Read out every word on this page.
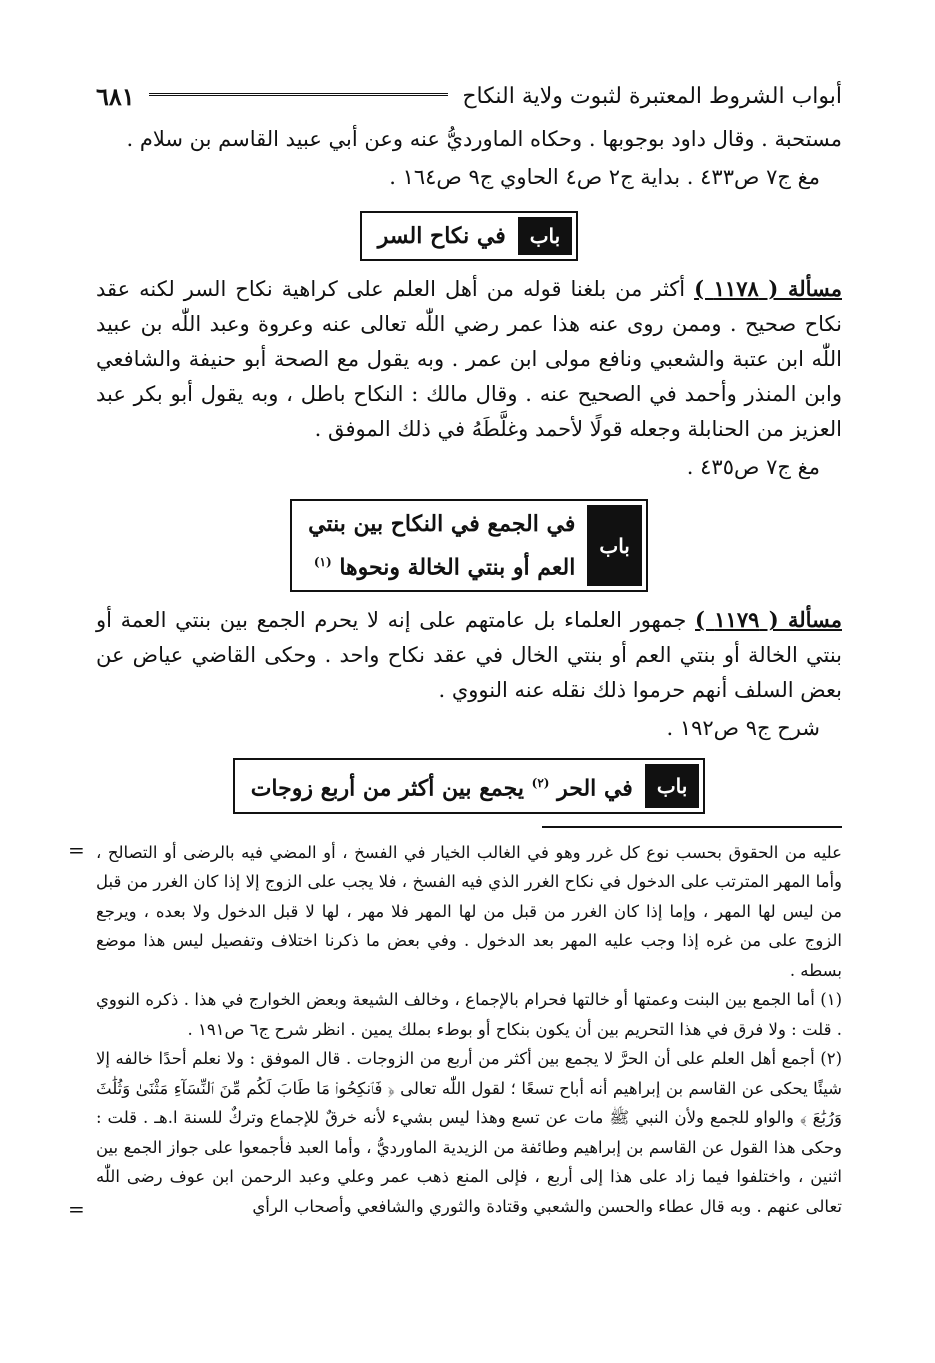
أبواب الشروط المعتبرة لثبوت ولاية النكاح
٦٨١

مستحبة . وقال داود بوجوبها . وحكاه الماورديُّ عنه وعن أبي عبيد القاسم بن سلام .

مغ ج٧ ص٤٣٣ . بداية ج٢ ص٤ الحاوي ج٩ ص١٦٤ .

باب
في نكاح السر

مسألة ( ١١٧٨ ) أكثر من بلغنا قوله من أهل العلم على كراهية نكاح السر لكنه عقد نكاح صحيح . وممن روى عنه هذا عمر رضي اللّٰه تعالى عنه وعروة وعبد اللّٰه بن عبيد اللّٰه ابن عتبة والشعبي ونافع مولى ابن عمر . وبه يقول مع الصحة أبو حنيفة والشافعي وابن المنذر وأحمد في الصحيح عنه . وقال مالك : النكاح باطل ، وبه يقول أبو بكر عبد العزيز من الحنابلة وجعله قولًا لأحمد وغلَّطَهُ في ذلك الموفق .

مغ ج٧ ص٤٣٥ .

باب
في الجمع في النكاح بين بنتي
العم أو بنتي الخالة ونحوها $^{(١)}$

مسألة ( ١١٧٩ ) جمهور العلماء بل عامتهم على إنه لا يحرم الجمع بين بنتي العمة أو بنتي الخالة أو بنتي العم أو بنتي الخال في عقد نكاح واحد . وحكى القاضي عياض عن بعض السلف أنهم حرموا ذلك نقله عنه النووي .

شرح ج٩ ص١٩٢ .

باب
في الحر $^{(٢)}$ يجمع بين أكثر من أربع زوجات
= عليه من الحقوق بحسب نوع كل غرر وهو في الغالب الخيار في الفسخ ، أو المضي فيه بالرضى أو التصالح ، وأما المهر المترتب على الدخول في نكاح الغرر الذي فيه الفسخ ، فلا يجب على الزوج إلا إذا كان الغرر من قبل من ليس لها المهر ، وإما إذا كان الغرر من قبل من لها المهر فلا مهر ، لها لا قبل الدخول ولا بعده ، ويرجع الزوج على من غره إذا وجب عليه المهر بعد الدخول . وفي بعض ما ذكرنا اختلاف وتفصيل ليس هذا موضع بسطه .

(١) أما الجمع بين البنت وعمتها أو خالتها فحرام بالإجماع ، وخالف الشيعة وبعض الخوارج في هذا . ذكره النووي . قلت : ولا فرق في هذا التحريم بين أن يكون بنكاح أو بوطء بملك يمين . انظر شرح ج٦ ص١٩١ .

(٢) أجمع أهل العلم على أن الحرَّ لا يجمع بين أكثر من أربع من الزوجات . قال الموفق : ولا نعلم أحدًا خالفه إلا شيئًا يحكى عن القاسم بن إبراهيم أنه أباح تسعًا ؛ لقول اللّٰه تعالى ﴿ فَٱنكِحُوا۟ مَا طَابَ لَكُم مِّنَ ٱلنِّسَآءِ مَثْنَىٰ وَثُلَٰثَ وَرُبَٰعَ ﴾ والواو للجمع ولأن النبي ﷺ مات عن تسع وهذا ليس بشيء لأنه خرقٌ للإجماع وتركٌ للسنة ا.هـ . قلت : وحكى هذا القول عن القاسم بن إبراهيم وطائفة من الزيدية الماورديُّ ، وأما العبد فأجمعوا على جواز الجمع بين اثنين ، واختلفوا فيما زاد على هذا إلى أربع ، فإلى المنع ذهب عمر وعلي وعبد الرحمن ابن عوف رضى اللّٰه تعالى عنهم . وبه قال عطاء والحسن والشعبي وقتادة والثوري والشافعي وأصحاب الرأي

=
